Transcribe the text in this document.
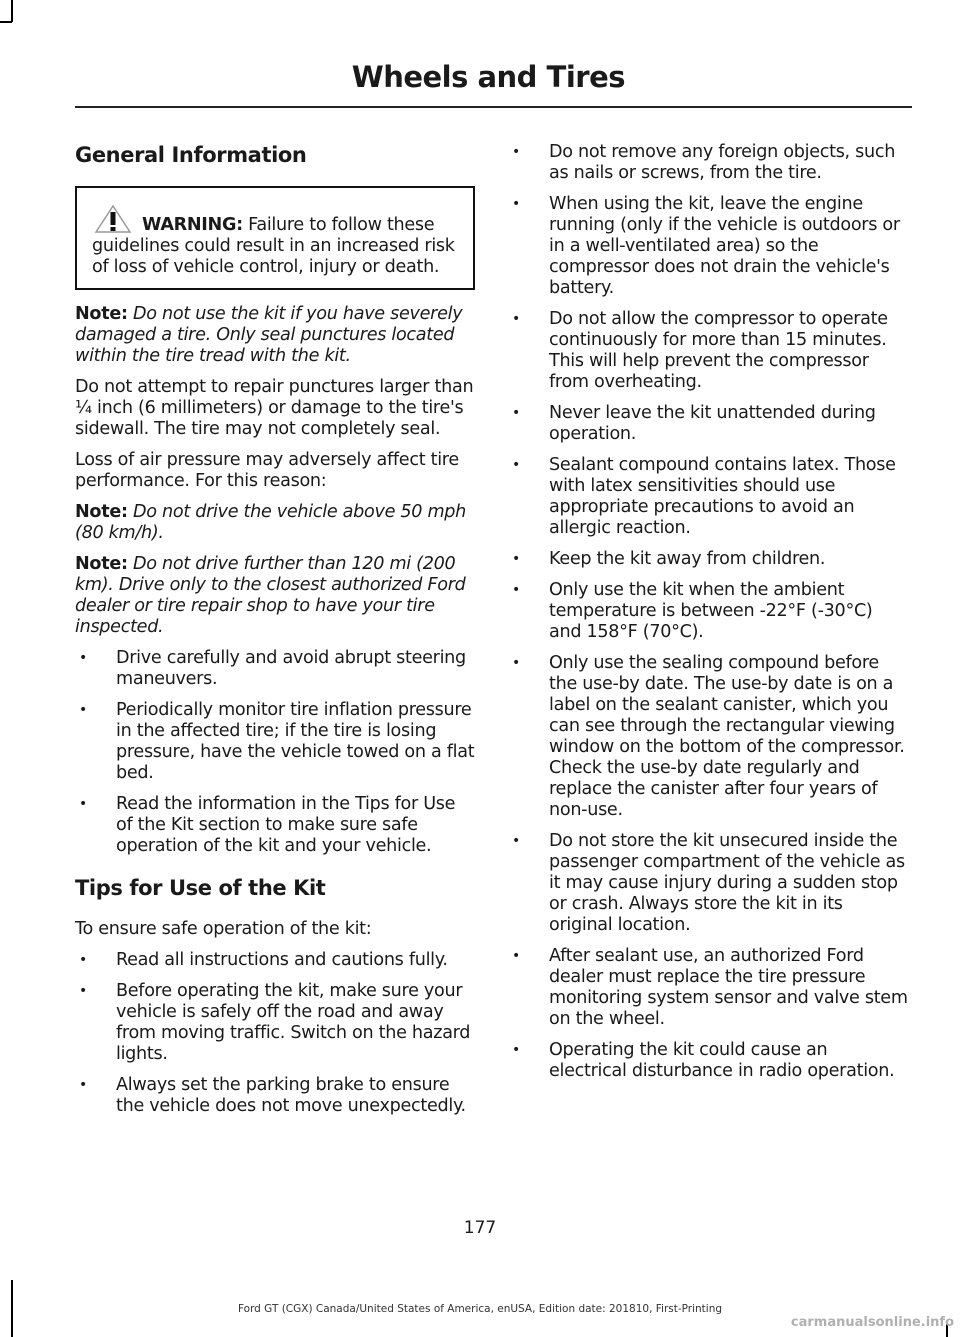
Wheels and Tires
General Information
WARNING: Failure to follow these guidelines could result in an increased risk of loss of vehicle control, injury or death.

Note: Do not use the kit if you have severely damaged a tire. Only seal punctures located within the tire tread with the kit.

Do not attempt to repair punctures larger than ¼ inch (6 millimeters) or damage to the tire's sidewall. The tire may not completely seal.

Loss of air pressure may adversely affect tire performance. For this reason:

Note: Do not drive the vehicle above 50 mph (80 km/h).

Note: Do not drive further than 120 mi (200 km). Drive only to the closest authorized Ford dealer or tire repair shop to have your tire inspected.

• Drive carefully and avoid abrupt steering maneuvers.
• Periodically monitor tire inflation pressure in the affected tire; if the tire is losing pressure, have the vehicle towed on a flat bed.
• Read the information in the Tips for Use of the Kit section to make sure safe operation of the kit and your vehicle.
Tips for Use of the Kit

To ensure safe operation of the kit:

• Read all instructions and cautions fully.
• Before operating the kit, make sure your vehicle is safely off the road and away from moving traffic. Switch on the hazard lights.
• Always set the parking brake to ensure the vehicle does not move unexpectedly.
• Do not remove any foreign objects, such as nails or screws, from the tire.
• When using the kit, leave the engine running (only if the vehicle is outdoors or in a well-ventilated area) so the compressor does not drain the vehicle's battery.
• Do not allow the compressor to operate continuously for more than 15 minutes. This will help prevent the compressor from overheating.
• Never leave the kit unattended during operation.
• Sealant compound contains latex. Those with latex sensitivities should use appropriate precautions to avoid an allergic reaction.
• Keep the kit away from children.
• Only use the kit when the ambient temperature is between -22°F (-30°C) and 158°F (70°C).
• Only use the sealing compound before the use-by date. The use-by date is on a label on the sealant canister, which you can see through the rectangular viewing window on the bottom of the compressor. Check the use-by date regularly and replace the canister after four years of non-use.
• Do not store the kit unsecured inside the passenger compartment of the vehicle as it may cause injury during a sudden stop or crash. Always store the kit in its original location.
• After sealant use, an authorized Ford dealer must replace the tire pressure monitoring system sensor and valve stem on the wheel.
• Operating the kit could cause an electrical disturbance in radio operation.
177
Ford GT (CGX) Canada/United States of America, enUSA, Edition date: 201810, First-Printing
carmanualsonline.info
